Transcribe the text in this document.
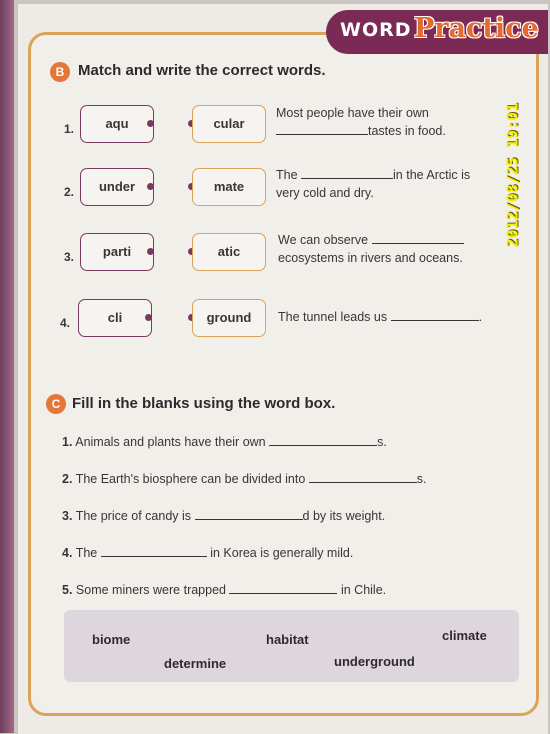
WORD Practice
B Match and write the correct words.
1.	aqu	cular
Most people have their own
tastes in food.
2.	under	mate
The	in the Arctic is
very cold and dry.
3.	parti	atic
We can observe
ecosystems in rivers and oceans.
4.	cli	ground	The tunnel leads us	.
C Fill in the blanks using the word box.
1. Animals and plants have their own	s.
2. The Earth's biosphere can be divided into	s.
3. The price of candy is	d by its weight.
4. The	in Korea is generally mild.
5. Some miners were trapped	in Chile.
biome	habitat	climate
determine	underground
2012/08/25 19:01
